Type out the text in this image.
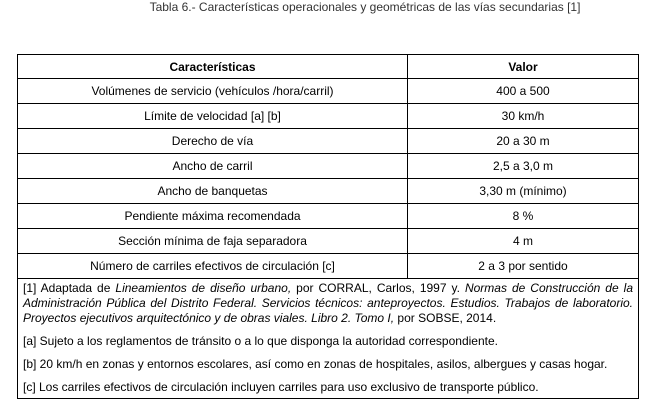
Tabla 6.- Características operacionales y geométricas de las vías secundarias [1]
Características	Valor
Volúmenes de servicio (vehículos /hora/carril)	400 a 500
Límite de velocidad [a] [b]	30 km/h
Derecho de vía	20 a 30 m
Ancho de carril	2,5 a 3,0 m
Ancho de banquetas	3,30 m (mínimo)
Pendiente máxima recomendada	8 %
Sección mínima de faja separadora	4 m
Número de carriles efectivos de circulación [c]	2 a 3 por sentido

[1] Adaptada de Lineamientos de diseño urbano, por CORRAL, Carlos, 1997 y. Normas de Construcción de la Administración Pública del Distrito Federal. Servicios técnicos: anteproyectos. Estudios. Trabajos de laboratorio. Proyectos ejecutivos arquitectónico y de obras viales. Libro 2. Tomo I, por SOBSE, 2014.

[a] Sujeto a los reglamentos de tránsito o a lo que disponga la autoridad correspondiente.

[b] 20 km/h en zonas y entornos escolares, así como en zonas de hospitales, asilos, albergues y casas hogar.

[c] Los carriles efectivos de circulación incluyen carriles para uso exclusivo de transporte público.	
